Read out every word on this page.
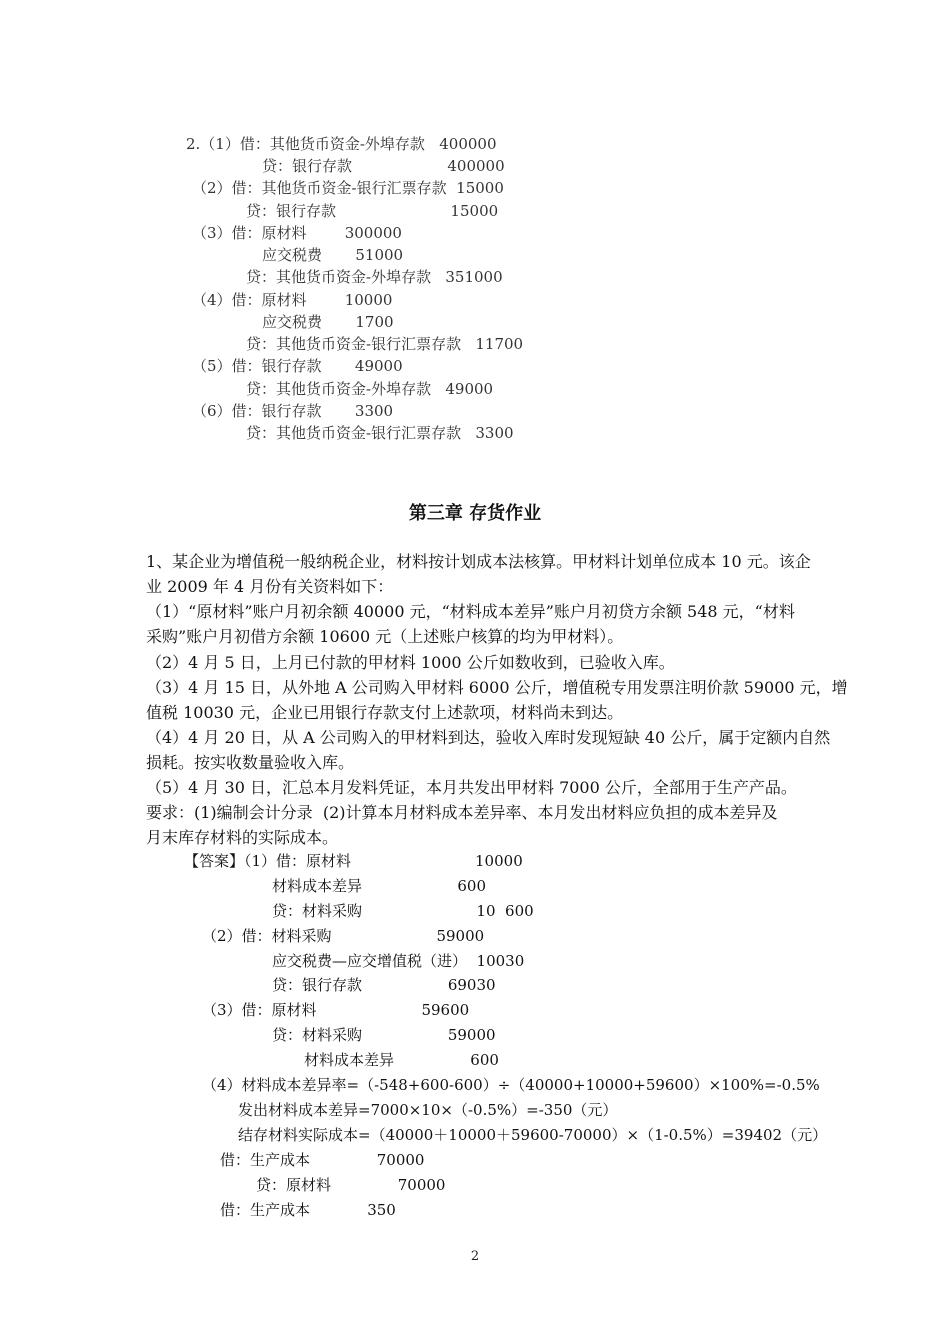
2.（1）借：其他货币资金-外埠存款   400000
贷：银行存款                    400000
（2）借：其他货币资金-银行汇票存款  15000
贷：银行存款                        15000
（3）借：原材料        300000
应交税费       51000
贷：其他货币资金-外埠存款   351000
（4）借：原材料        10000
应交税费       1700
贷：其他货币资金-银行汇票存款   11700
（5）借：银行存款       49000
贷：其他货币资金-外埠存款   49000
（6）借：银行存款       3300
贷：其他货币资金-银行汇票存款   3300
第三章 存货作业
1、某企业为增值税一般纳税企业，材料按计划成本法核算。甲材料计划单位成本 10 元。该企
业 2009 年 4 月份有关资料如下：
（1）“原材料”账户月初余额 40000 元，“材料成本差异”账户月初贷方余额 548 元，“材料
采购”账户月初借方余额 10600 元（上述账户核算的均为甲材料）。
（2）4 月 5 日，上月已付款的甲材料 1000 公斤如数收到，已验收入库。
（3）4 月 15 日，从外地 A 公司购入甲材料 6000 公斤，增值税专用发票注明价款 59000 元，增
值税 10030 元，企业已用银行存款支付上述款项，材料尚未到达。
（4）4 月 20 日，从 A 公司购入的甲材料到达，验收入库时发现短缺 40 公斤，属于定额内自然
损耗。按实收数量验收入库。
（5）4 月 30 日，汇总本月发料凭证，本月共发出甲材料 7000 公斤，全部用于生产产品。
要求：(1)编制会计分录  (2)计算本月材料成本差异率、本月发出材料应负担的成本差异及
月末库存材料的实际成本。
【答案】（1）借：原材料                          10000
材料成本差异                    600
贷：材料采购                        10  600
（2）借：材料采购                      59000
应交税费—应交增值税（进）  10030
贷：银行存款                  69030
（3）借：原材料                      59600
贷：材料采购                  59000
材料成本差异                600
（4）材料成本差异率=（-548+600-600）÷（40000+10000+59600）×100%=-0.5%
发出材料成本差异=7000×10×（-0.5%）=-350（元）
结存材料实际成本=（40000＋10000＋59600-70000）×（1-0.5%）=39402（元）
借：生产成本              70000
贷：原材料              70000
借：生产成本            350
2
